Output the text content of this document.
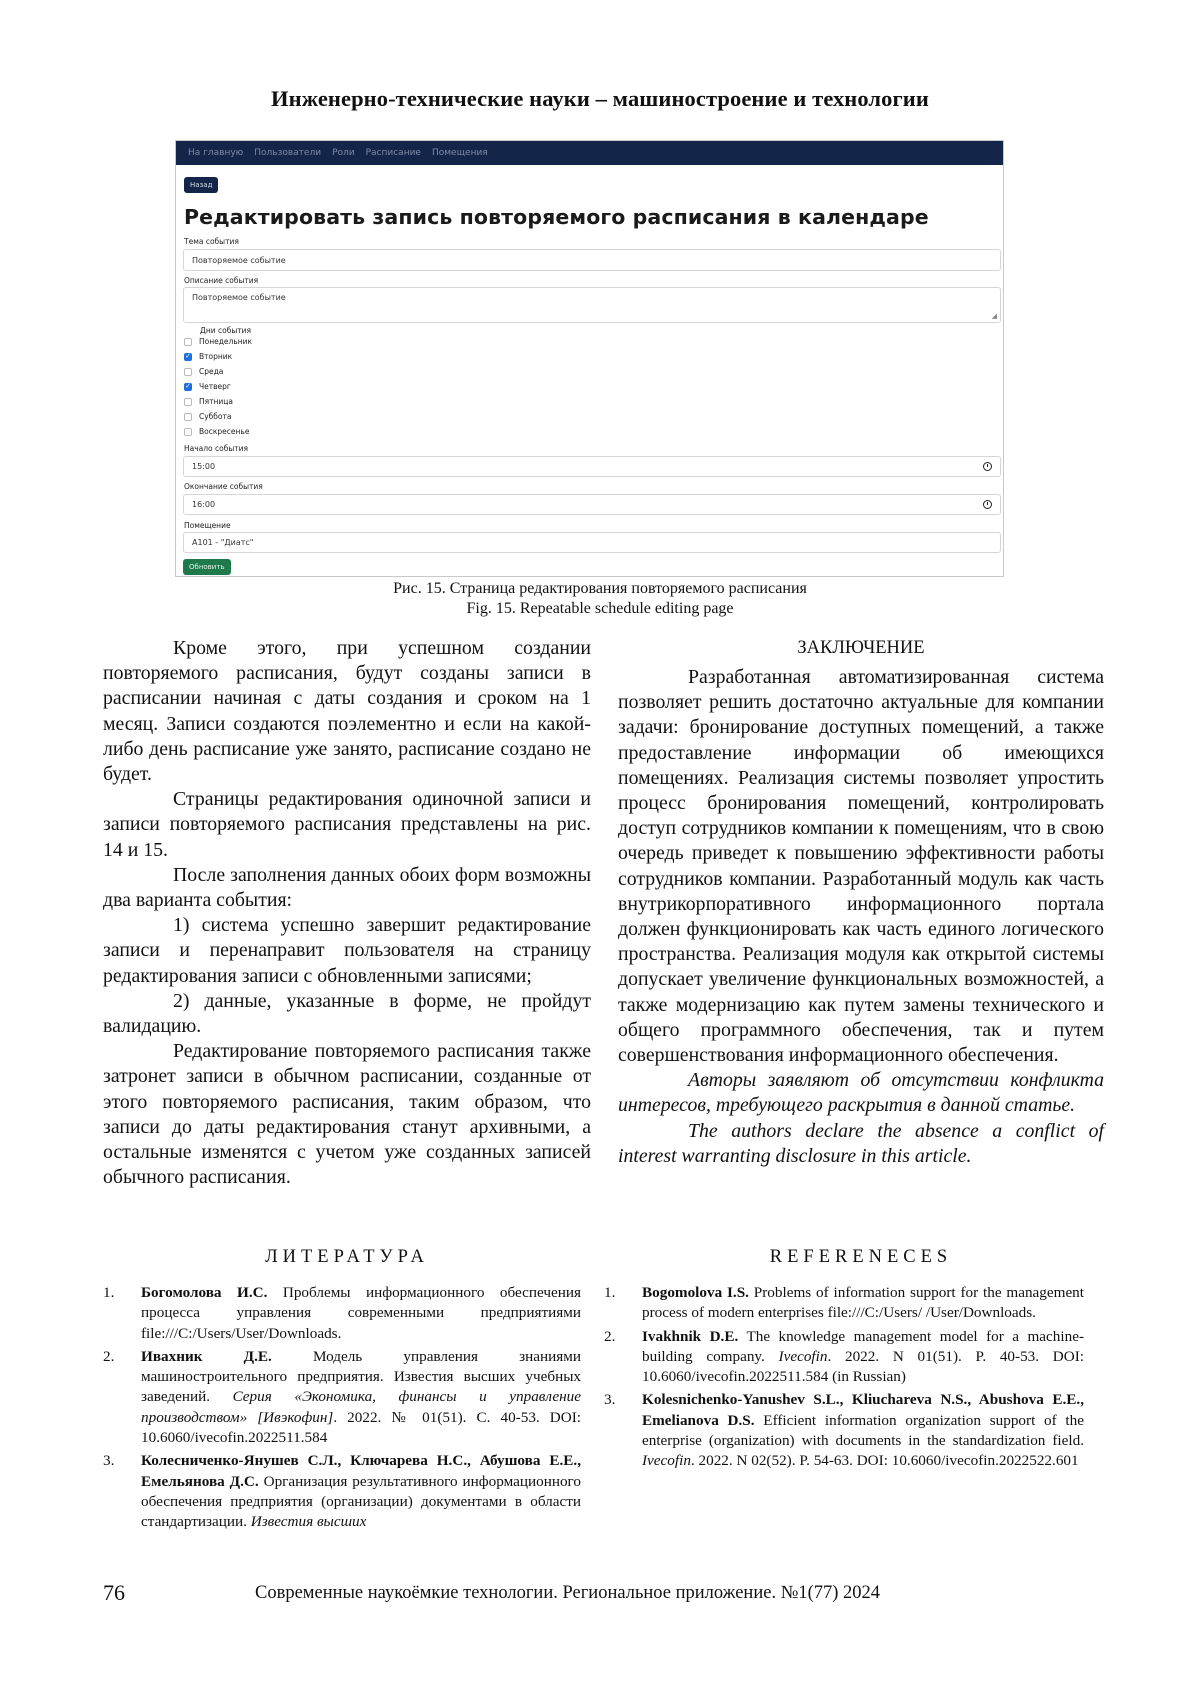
Инженерно-технические науки – машиностроение и технологии
На главную Пользователи Роли Расписание Помещения
Назад
Редактировать запись повторяемого расписания в календаре
Тема события
Повторяемое событие
Описание события
Повторяемое событие
◢
Дни события
Понедельник
✓ Вторник
Среда
✓ Четверг
Пятница
Суббота
Воскресенье
Начало события
15:00
Окончание события
16:00
Помещение
A101 - "Диатс"
Обновить
Рис. 15. Страница редактирования повторяемого расписания
Fig. 15. Repeatable schedule editing page

Кроме этого, при успешном создании повторяемого расписания, будут созданы записи в расписании начиная с даты создания и сроком на 1 месяц. Записи создаются поэлементно и если на какой-либо день расписание уже занято, расписание создано не будет.

Страницы редактирования одиночной записи и записи повторяемого расписания представлены на рис. 14 и 15.

После заполнения данных обоих форм возможны два варианта события:

1) система успешно завершит редактирование записи и перенаправит пользователя на страницу редактирования записи с обновленными записями;

2) данные, указанные в форме, не пройдут валидацию.

Редактирование повторяемого расписания также затронет записи в обычном расписании, созданные от этого повторяемого расписания, таким образом, что записи до даты редактирования станут архивными, а остальные изменятся с учетом уже созданных записей обычного расписания.

ЗАКЛЮЧЕНИЕ

Разработанная автоматизированная система позволяет решить достаточно актуальные для компании задачи: бронирование доступных помещений, а также предоставление информации об имеющихся помещениях. Реализация системы позволяет упростить процесс бронирования помещений, контролировать доступ сотрудников компании к помещениям, что в свою очередь приведет к повышению эффективности работы сотрудников компании. Разработанный модуль как часть внутрикорпоративного информационного портала должен функционировать как часть единого логического пространства. Реализация модуля как открытой системы допускает увеличение функциональных возможностей, а также модернизацию как путем замены технического и общего программного обеспечения, так и путем совершенствования информационного обеспечения.

Авторы заявляют об отсутствии конфликта интересов, требующего раскрытия в данной статье.

The authors declare the absence a conflict of interest warranting disclosure in this article.

ЛИТЕРАТУРА	REFERENECES
1. Богомолова И.С. Проблемы информационного обеспечения процесса управления современными предприятиями file:///C:/Users/User/Downloads.
2. Ивахник Д.Е. Модель управления знаниями машиностроительного предприятия. Известия высших учебных заведений. Серия «Экономика, финансы и управление производством» [Ивэкофин]. 2022. № 01(51). С. 40-53. DOI: 10.6060/ivecofin.2022511.584
3. Колесниченко-Янушев С.Л., Ключарева Н.С., Абушова Е.Е., Емельянова Д.С. Организация результативного информационного обеспечения предприятия (организации) документами в области стандартизации. Известия высших
1. Bogomolova I.S. Problems of information support for the management process of modern enterprises file:///C:/Users/ /User/Downloads.
2. Ivakhnik D.E. The knowledge management model for a machine-building company. Ivecofin. 2022. N 01(51). P. 40-53. DOI: 10.6060/ivecofin.2022511.584 (in Russian)
3. Kolesnichenko-Yanushev S.L., Kliuchareva N.S., Abushova E.E., Emelianova D.S. Efficient information organization support of the enterprise (organization) with documents in the standardization field. Ivecofin. 2022. N 02(52). P. 54-63. DOI: 10.6060/ivecofin.2022522.601
76	Современные наукоёмкие технологии. Региональное приложение. №1(77) 2024
